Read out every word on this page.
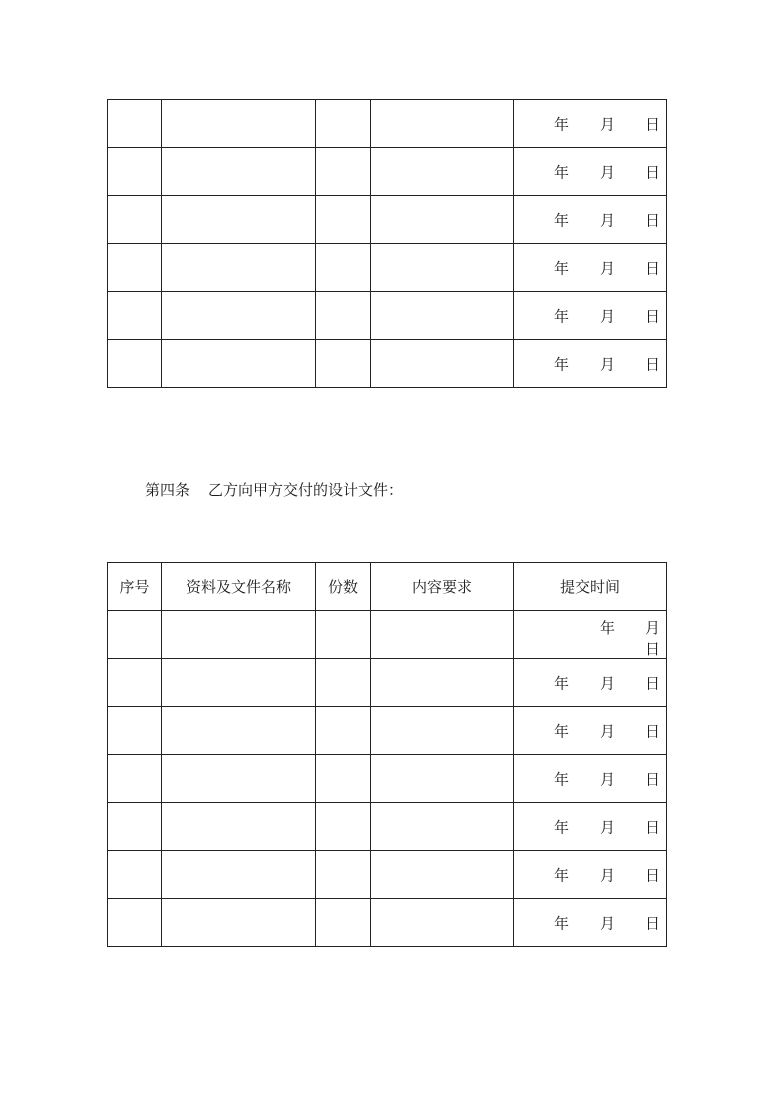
				年 月 日

				年 月 日

				年 月 日

				年 月 日

				年 月 日

				年 月 日
第四条 乙方向甲方交付的设计文件：
序号	资料及文件名称	份数	内容要求	提交时间

				年 月
日

				年 月 日

				年 月 日

				年 月 日

				年 月 日

				年 月 日

				年 月 日
